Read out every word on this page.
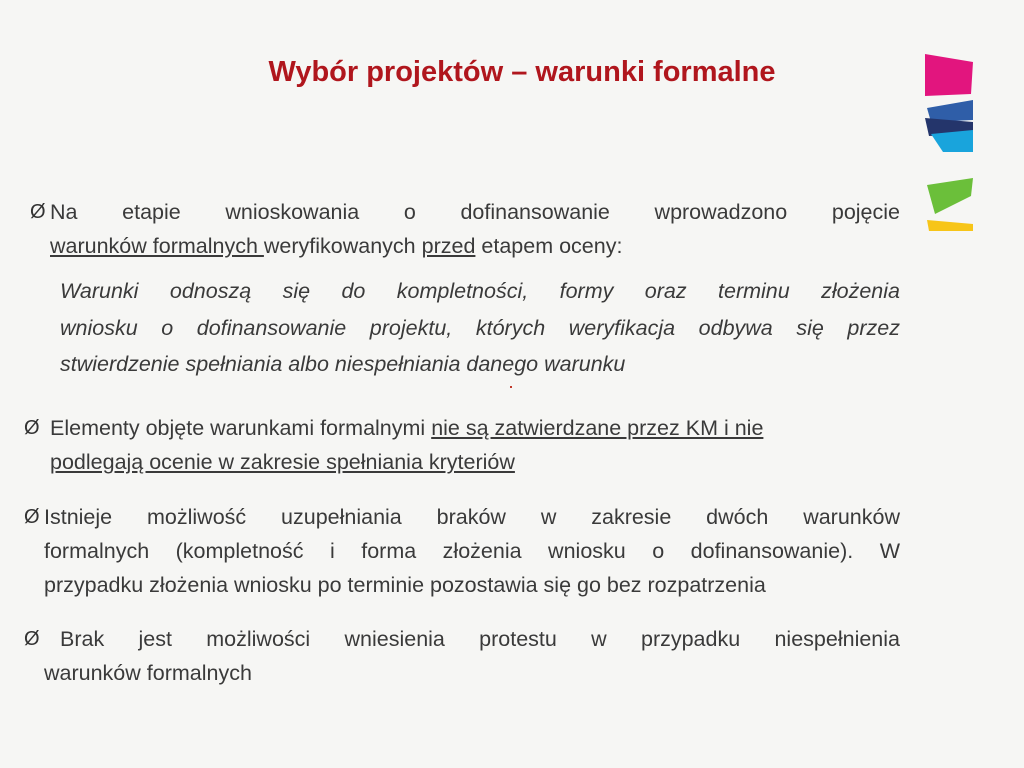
Wybór projektów – warunki formalne
Ø Na etapie wnioskowania o dofinansowanie wprowadzono pojęcie
warunków formalnych weryfikowanych przed etapem oceny:
Warunki odnoszą się do kompletności, formy oraz terminu złożenia
wniosku o dofinansowanie projektu, których weryfikacja odbywa się przez
stwierdzenie spełniania albo niespełniania danego warunku
Ø Elementy objęte warunkami formalnymi nie są zatwierdzane przez KM i nie
podlegają ocenie w zakresie spełniania kryteriów
Ø Istnieje możliwość uzupełniania braków w zakresie dwóch warunków
formalnych (kompletność i forma złożenia wniosku o dofinansowanie). W
przypadku złożenia wniosku po terminie pozostawia się go bez rozpatrzenia
Ø Brak jest możliwości wniesienia protestu w przypadku niespełnienia
warunków formalnych
